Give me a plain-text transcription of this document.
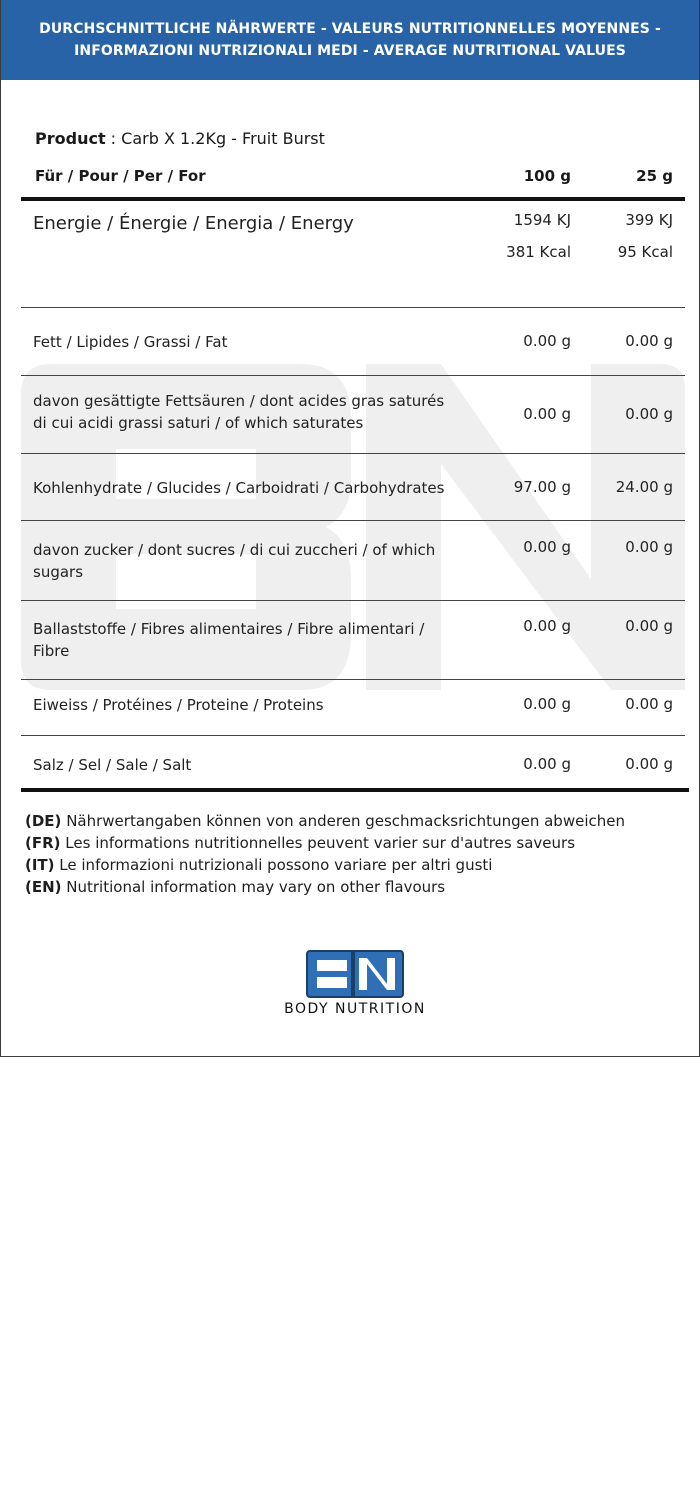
DURCHSCHNITTLICHE NÄHRWERTE - VALEURS NUTRITIONNELLES MOYENNES -
INFORMAZIONI NUTRIZIONALI MEDI - AVERAGE NUTRITIONAL VALUES
Product : Carb X 1.2Kg - Fruit Burst
Für / Pour / Per / For	100 g	25 g
Energie / Énergie / Energia / Energy	1594 KJ	399 KJ
381 Kcal	95 Kcal
Fett / Lipides / Grassi / Fat	0.00 g	0.00 g
davon gesättigte Fettsäuren / dont acides gras saturés
di cui acidi grassi saturi / of which saturates	0.00 g	0.00 g
Kohlenhydrate / Glucides / Carboidrati / Carbohydrates	97.00 g	24.00 g
davon zucker / dont sucres / di cui zuccheri / of which
sugars
0.00 g	0.00 g
Ballaststoffe / Fibres alimentaires / Fibre alimentari /
Fibre
0.00 g	0.00 g
Eiweiss / Protéines / Proteine / Proteins	0.00 g	0.00 g
Salz / Sel / Sale / Salt	0.00 g	0.00 g
(DE) Nährwertangaben können von anderen geschmacksrichtungen abweichen
(FR) Les informations nutritionnelles peuvent varier sur d'autres saveurs
(IT) Le informazioni nutrizionali possono variare per altri gusti
(EN) Nutritional information may vary on other flavours
BODY NUTRITION
